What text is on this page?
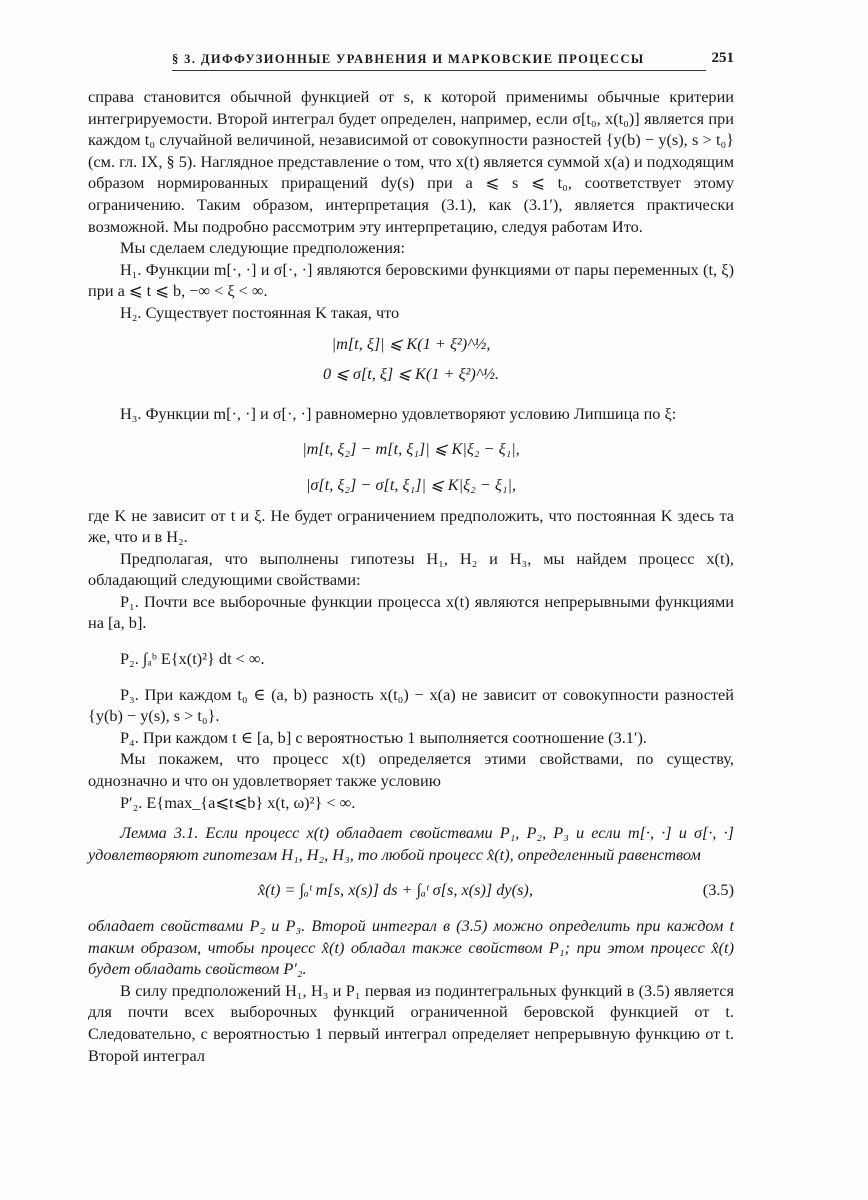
§ 3. ДИФФУЗИОННЫЕ УРАВНЕНИЯ И МАРКОВСКИЕ ПРОЦЕССЫ	251

справа становится обычной функцией от s, к которой применимы обычные критерии интегрируемости. Второй интеграл будет определен, например, если σ[t₀, x(t₀)] является при каждом t₀ случайной величиной, независимой от совокупности разностей {y(b) − y(s), s > t₀} (см. гл. IX, § 5). Наглядное представление о том, что x(t) является суммой x(a) и подходящим образом нормированных приращений dy(s) при a ⩽ s ⩽ t₀, соответствует этому ограничению. Таким образом, интерпретация (3.1), как (3.1′), является практически возможной. Мы подробно рассмотрим эту интерпретацию, следуя работам Ито.

Мы сделаем следующие предположения:

H₁. Функции m[·, ·] и σ[·, ·] являются беровскими функциями от пары переменных (t, ξ) при a ⩽ t ⩽ b, −∞ < ξ < ∞.

H₂. Существует постоянная K такая, что

|m[t, ξ]| ⩽ K(1 + ξ²)^½,
0 ⩽ σ[t, ξ] ⩽ K(1 + ξ²)^½.

H₃. Функции m[·, ·] и σ[·, ·] равномерно удовлетворяют условию Липшица по ξ:

|m[t, ξ₂] − m[t, ξ₁]| ⩽ K|ξ₂ − ξ₁|,
|σ[t, ξ₂] − σ[t, ξ₁]| ⩽ K|ξ₂ − ξ₁|,

где K не зависит от t и ξ. Не будет ограничением предположить, что постоянная K здесь та же, что и в H₂.

Предполагая, что выполнены гипотезы H₁, H₂ и H₃, мы найдем процесс x(t), обладающий следующими свойствами:

P₁. Почти все выборочные функции процесса x(t) являются непрерывными функциями на [a, b].

P₂. ∫ₐᵇ E{x(t)²} dt < ∞.

P₃. При каждом t₀ ∈ (a, b) разность x(t₀) − x(a) не зависит от совокупности разностей {y(b) − y(s), s > t₀}.

P₄. При каждом t ∈ [a, b] с вероятностью 1 выполняется соотношение (3.1′).

Мы покажем, что процесс x(t) определяется этими свойствами, по существу, однозначно и что он удовлетворяет также условию

P′₂. E{max_{a⩽t⩽b} x(t, ω)²} < ∞.

Лемма 3.1. Если процесс x(t) обладает свойствами P₁, P₂, P₃ и если m[·, ·] и σ[·, ·] удовлетворяют гипотезам H₁, H₂, H₃, то любой процесс x̂(t), определенный равенством

x̂(t) = ∫ₐᵗ m[s, x(s)] ds + ∫ₐᵗ σ[s, x(s)] dy(s),	(3.5)

обладает свойствами P₂ и P₃. Второй интеграл в (3.5) можно определить при каждом t таким образом, чтобы процесс x̂(t) обладал также свойством P₁; при этом процесс x̂(t) будет обладать свойством P′₂.

В силу предположений H₁, H₃ и P₁ первая из подинтегральных функций в (3.5) является для почти всех выборочных функций ограниченной беровской функцией от t. Следовательно, с вероятностью 1 первый интеграл определяет непрерывную функцию от t. Второй интеграл
